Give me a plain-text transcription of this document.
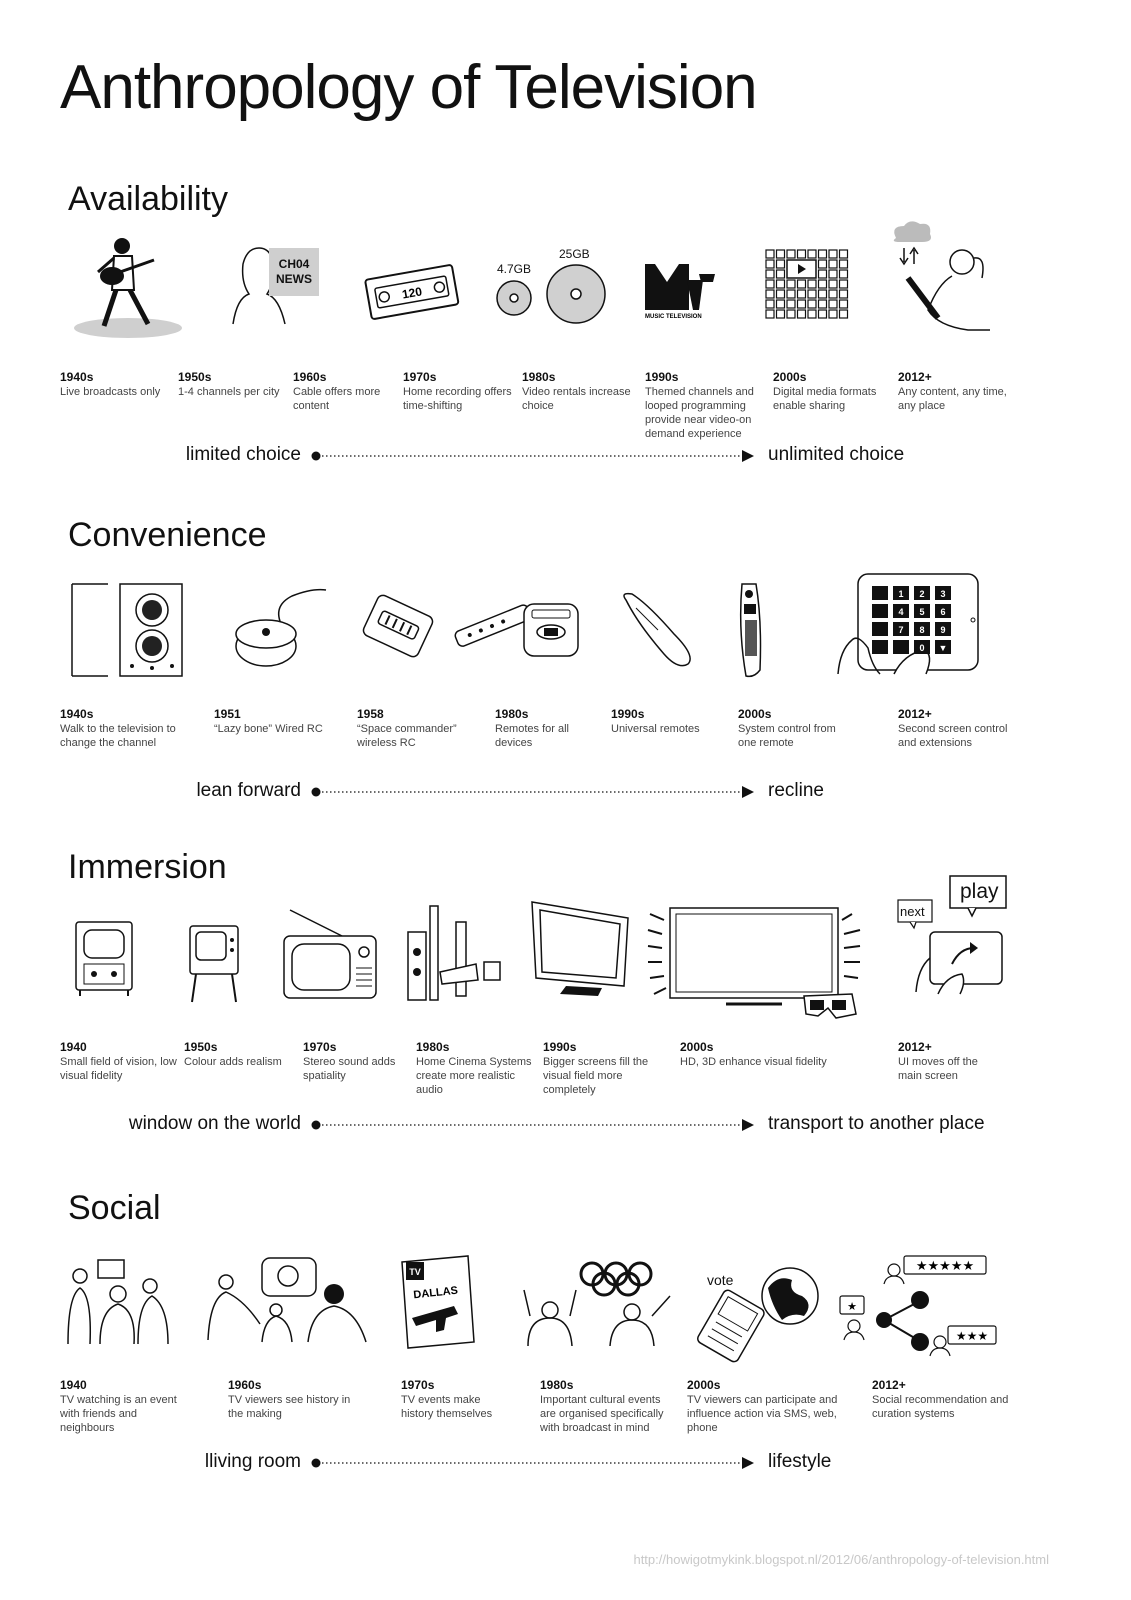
Anthropology of Television
Availability
CH04
NEWS
120
4.7GB
25GB
MUSIC TELEVISION
1940s
Live broadcasts only
1950s
1-4 channels per city
1960s
Cable offers more content
1970s
Home recording offers time-shifting
1980s
Video rentals increase choice
1990s
Themed channels and looped programming provide near video-on demand experience
2000s
Digital media formats enable sharing
2012+
Any content, any time, any place
limited choice	unlimited choice
Convenience
1 2 3
4 5 6
7 8 9
0 ▼
1940s
Walk to the television to change the channel
1951
“Lazy bone” Wired RC
1958
“Space commander” wireless RC
1980s
Remotes for all devices
1990s
Universal remotes
2000s
System control from one remote
2012+
Second screen control and extensions
lean forward	recline
Immersion
next
play
1940
Small field of vision, low visual fidelity
1950s
Colour adds realism
1970s
Stereo sound adds spatiality
1980s
Home Cinema Systems create more realistic audio
1990s
Bigger screens fill the visual field more completely
2000s
HD, 3D enhance visual fidelity
2012+
UI moves off the main screen
window on the world	transport to another place
Social
TV
DALLAS
vote
★★★★★
★
★★★
1940
TV watching is an event with friends and neighbours
1960s
TV viewers see history in the making
1970s
TV events make history themselves
1980s
Important cultural events are organised specifically with broadcast in mind
2000s
TV viewers can participate and influence action via SMS, web, phone
2012+
Social recommendation and curation systems
lliving room	lifestyle
http://howigotmykink.blogspot.nl/2012/06/anthropology-of-television.html
